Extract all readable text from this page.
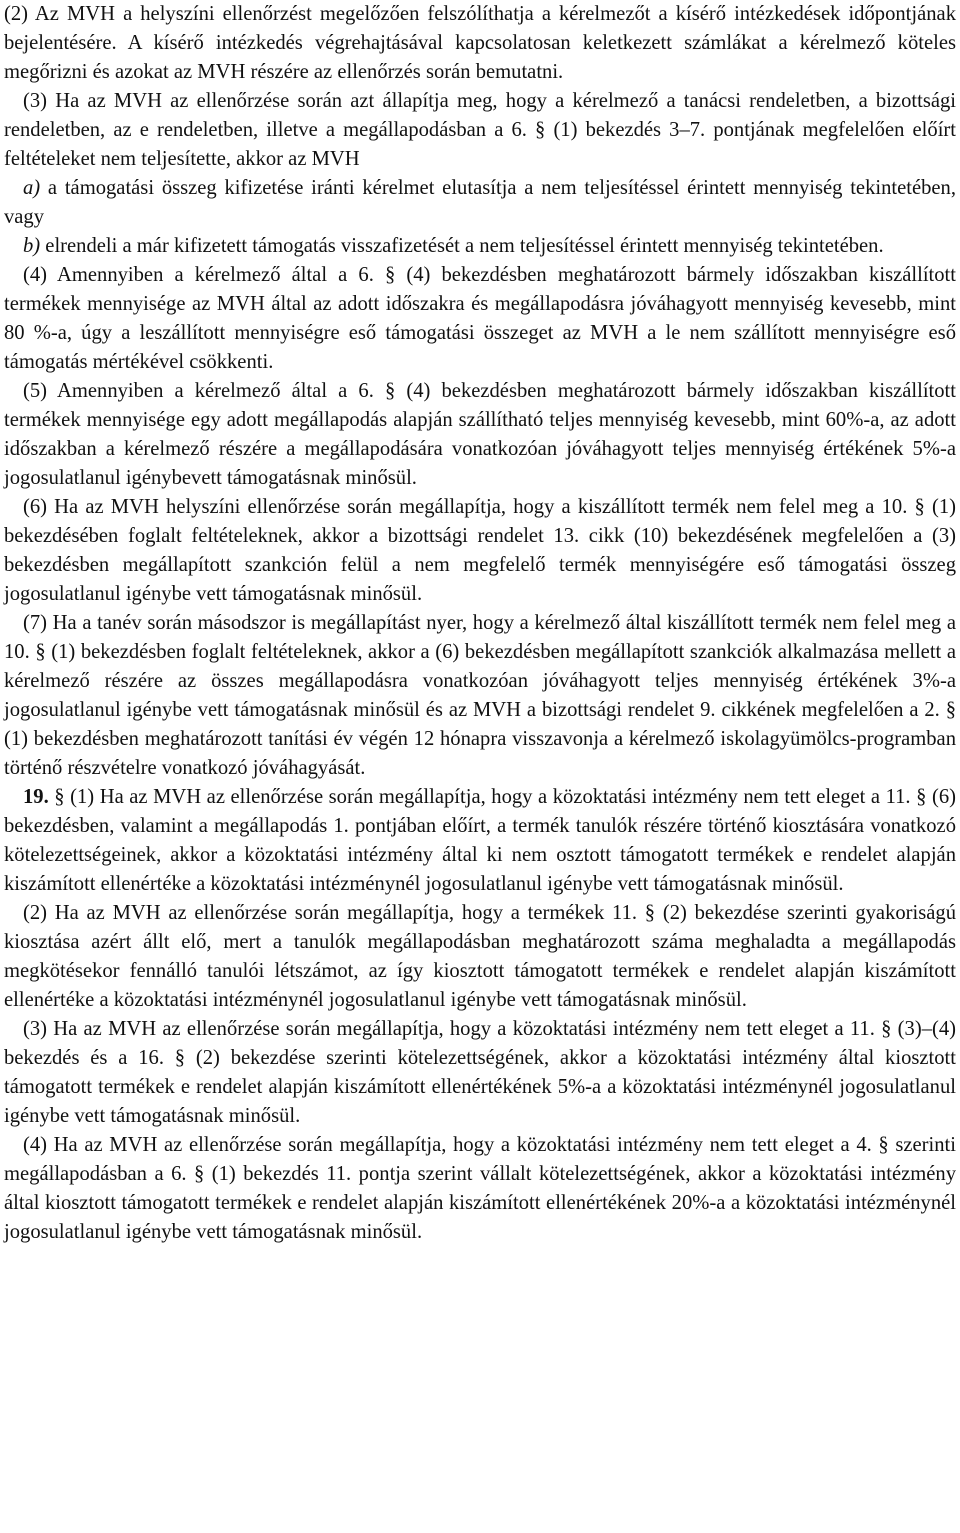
(2) Az MVH a helyszíni ellenőrzést megelőzően felszólíthatja a kérelmezőt a kísérő intézkedések időpontjának bejelentésére. A kísérő intézkedés végrehajtásával kapcsolatosan keletkezett számlákat a kérelmező köteles megőrizni és azokat az MVH részére az ellenőrzés során bemutatni.

(3) Ha az MVH az ellenőrzése során azt állapítja meg, hogy a kérelmező a tanácsi rendeletben, a bizottsági rendeletben, az e rendeletben, illetve a megállapodásban a 6. § (1) bekezdés 3–7. pontjának megfelelően előírt feltételeket nem teljesítette, akkor az MVH

a) a támogatási összeg kifizetése iránti kérelmet elutasítja a nem teljesítéssel érintett mennyiség tekintetében, vagy

b) elrendeli a már kifizetett támogatás visszafizetését a nem teljesítéssel érintett mennyiség tekintetében.

(4) Amennyiben a kérelmező által a 6. § (4) bekezdésben meghatározott bármely időszakban kiszállított termékek mennyisége az MVH által az adott időszakra és megállapodásra jóváhagyott mennyiség kevesebb, mint 80 %-a, úgy a leszállított mennyiségre eső támogatási összeget az MVH a le nem szállított mennyiségre eső támogatás mértékével csökkenti.

(5) Amennyiben a kérelmező által a 6. § (4) bekezdésben meghatározott bármely időszakban kiszállított termékek mennyisége egy adott megállapodás alapján szállítható teljes mennyiség kevesebb, mint 60%-a, az adott időszakban a kérelmező részére a megállapodására vonatkozóan jóváhagyott teljes mennyiség értékének 5%-a jogosulatlanul igénybevett támogatásnak minősül.

(6) Ha az MVH helyszíni ellenőrzése során megállapítja, hogy a kiszállított termék nem felel meg a 10. § (1) bekezdésében foglalt feltételeknek, akkor a bizottsági rendelet 13. cikk (10) bekezdésének megfelelően a (3) bekezdésben megállapított szankción felül a nem megfelelő termék mennyiségére eső támogatási összeg jogosulatlanul igénybe vett támogatásnak minősül.

(7) Ha a tanév során másodszor is megállapítást nyer, hogy a kérelmező által kiszállított termék nem felel meg a 10. § (1) bekezdésben foglalt feltételeknek, akkor a (6) bekezdésben megállapított szankciók alkalmazása mellett a kérelmező részére az összes megállapodásra vonatkozóan jóváhagyott teljes mennyiség értékének 3%-a jogosulatlanul igénybe vett támogatásnak minősül és az MVH a bizottsági rendelet 9. cikkének megfelelően a 2. § (1) bekezdésben meghatározott tanítási év végén 12 hónapra visszavonja a kérelmező iskolagyümölcs-programban történő részvételre vonatkozó jóváhagyását.

19. § (1) Ha az MVH az ellenőrzése során megállapítja, hogy a közoktatási intézmény nem tett eleget a 11. § (6) bekezdésben, valamint a megállapodás 1. pontjában előírt, a termék tanulók részére történő kiosztására vonatkozó kötelezettségeinek, akkor a közoktatási intézmény által ki nem osztott támogatott termékek e rendelet alapján kiszámított ellenértéke a közoktatási intézménynél jogosulatlanul igénybe vett támogatásnak minősül.

(2) Ha az MVH az ellenőrzése során megállapítja, hogy a termékek 11. § (2) bekezdése szerinti gyakoriságú kiosztása azért állt elő, mert a tanulók megállapodásban meghatározott száma meghaladta a megállapodás megkötésekor fennálló tanulói létszámot, az így kiosztott támogatott termékek e rendelet alapján kiszámított ellenértéke a közoktatási intézménynél jogosulatlanul igénybe vett támogatásnak minősül.

(3) Ha az MVH az ellenőrzése során megállapítja, hogy a közoktatási intézmény nem tett eleget a 11. § (3)–(4) bekezdés és a 16. § (2) bekezdése szerinti kötelezettségének, akkor a közoktatási intézmény által kiosztott támogatott termékek e rendelet alapján kiszámított ellenértékének 5%-a a közoktatási intézménynél jogosulatlanul igénybe vett támogatásnak minősül.

(4) Ha az MVH az ellenőrzése során megállapítja, hogy a közoktatási intézmény nem tett eleget a 4. § szerinti megállapodásban a 6. § (1) bekezdés 11. pontja szerint vállalt kötelezettségének, akkor a közoktatási intézmény által kiosztott támogatott termékek e rendelet alapján kiszámított ellenértékének 20%-a a közoktatási intézménynél jogosulatlanul igénybe vett támogatásnak minősül.
